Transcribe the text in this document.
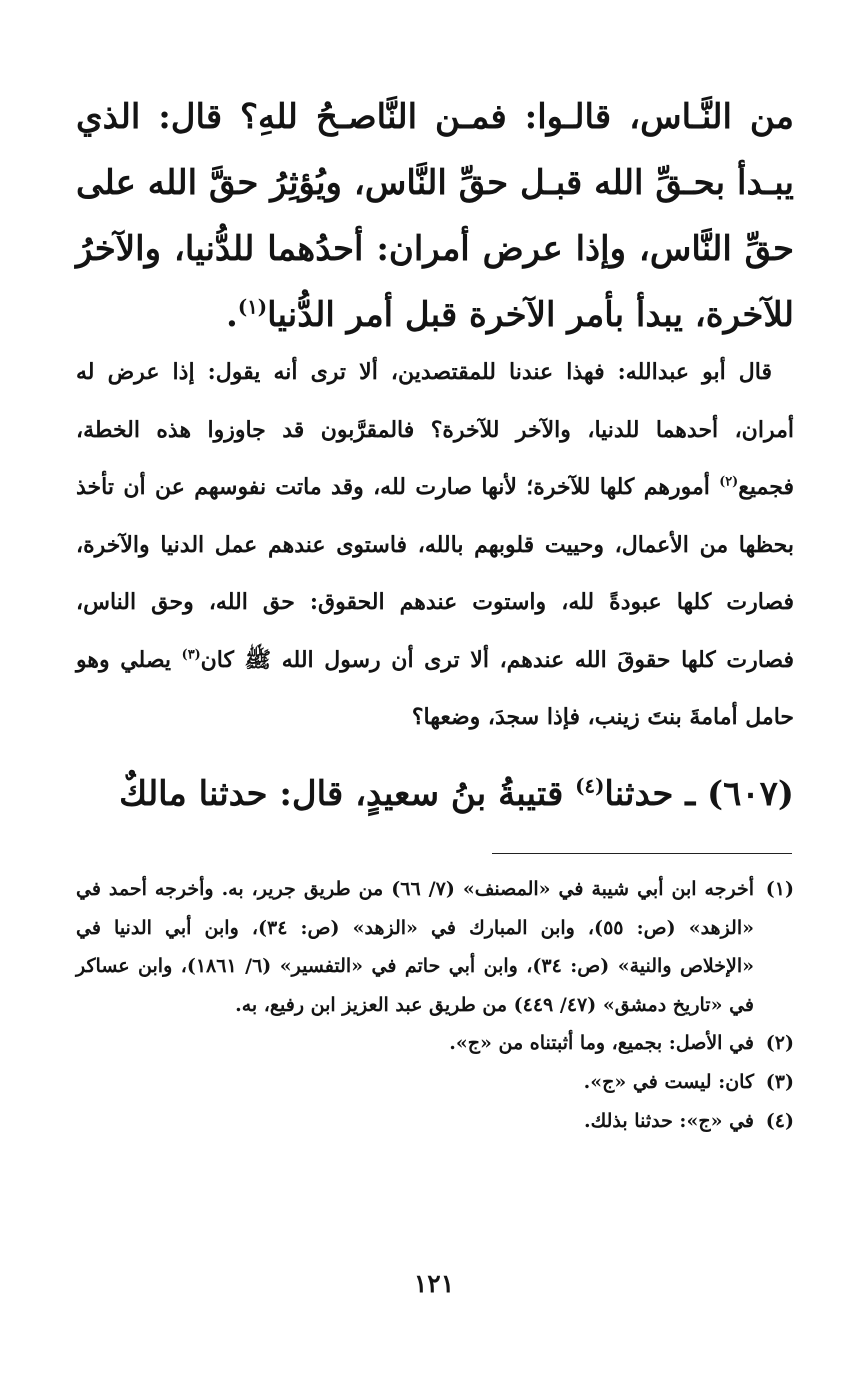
من النَّـاس، قالـوا: فمـن النَّاصـحُ للهِ؟ قال: الذي يبـدأ بحـقِّ الله قبـل حقِّ النَّاس، ويُؤثِرُ حقَّ الله على حقِّ النَّاس، وإذا عرض أمران: أحدُهما للدُّنيا، والآخرُ للآخرة، يبدأ بأمر الآخرة قبل أمر الدُّنيا$^{(١)}$.

قال أبو عبدالله: فهذا عندنا للمقتصدين، ألا ترى أنه يقول: إذا عرض له أمران، أحدهما للدنيا، والآخر للآخرة؟ فالمقرَّبون قد جاوزوا هذه الخطة، فجميع$^{(٢)}$ أمورهم كلها للآخرة؛ لأنها صارت لله، وقد ماتت نفوسهم عن أن تأخذ بحظها من الأعمال، وحييت قلوبهم بالله، فاستوى عندهم عمل الدنيا والآخرة، فصارت كلها عبودةً لله، واستوت عندهم الحقوق: حق الله، وحق الناس، فصارت كلها حقوقَ الله عندهم، ألا ترى أن رسول الله ﷺ كان$^{(٣)}$ يصلي وهو حامل أمامةَ بنتَ زينب، فإذا سجدَ، وضعها؟

(٦٠٧) ـ حدثنا$^{(٤)}$ قتيبةُ بنُ سعيدٍ، قال: حدثنا مالكٌ

(١)
أخرجه ابن أبي شيبة في «المصنف» (٧/ ٦٦) من طريق جرير، به. وأخرجه أحمد في «الزهد» (ص: ٥٥)، وابن المبارك في «الزهد» (ص: ٣٤)، وابن أبي الدنيا في «الإخلاص والنية» (ص: ٣٤)، وابن أبي حاتم في «التفسير» (٦/ ١٨٦١)، وابن عساكر في «تاريخ دمشق» (٤٧/ ٤٤٩) من طريق عبد العزيز ابن رفيع، به.
(٢)
في الأصل: بجميع، وما أثبتناه من «ج».
(٣)
كان: ليست في «ج».
(٤)
في «ج»: حدثنا بذلك.
١٢١
